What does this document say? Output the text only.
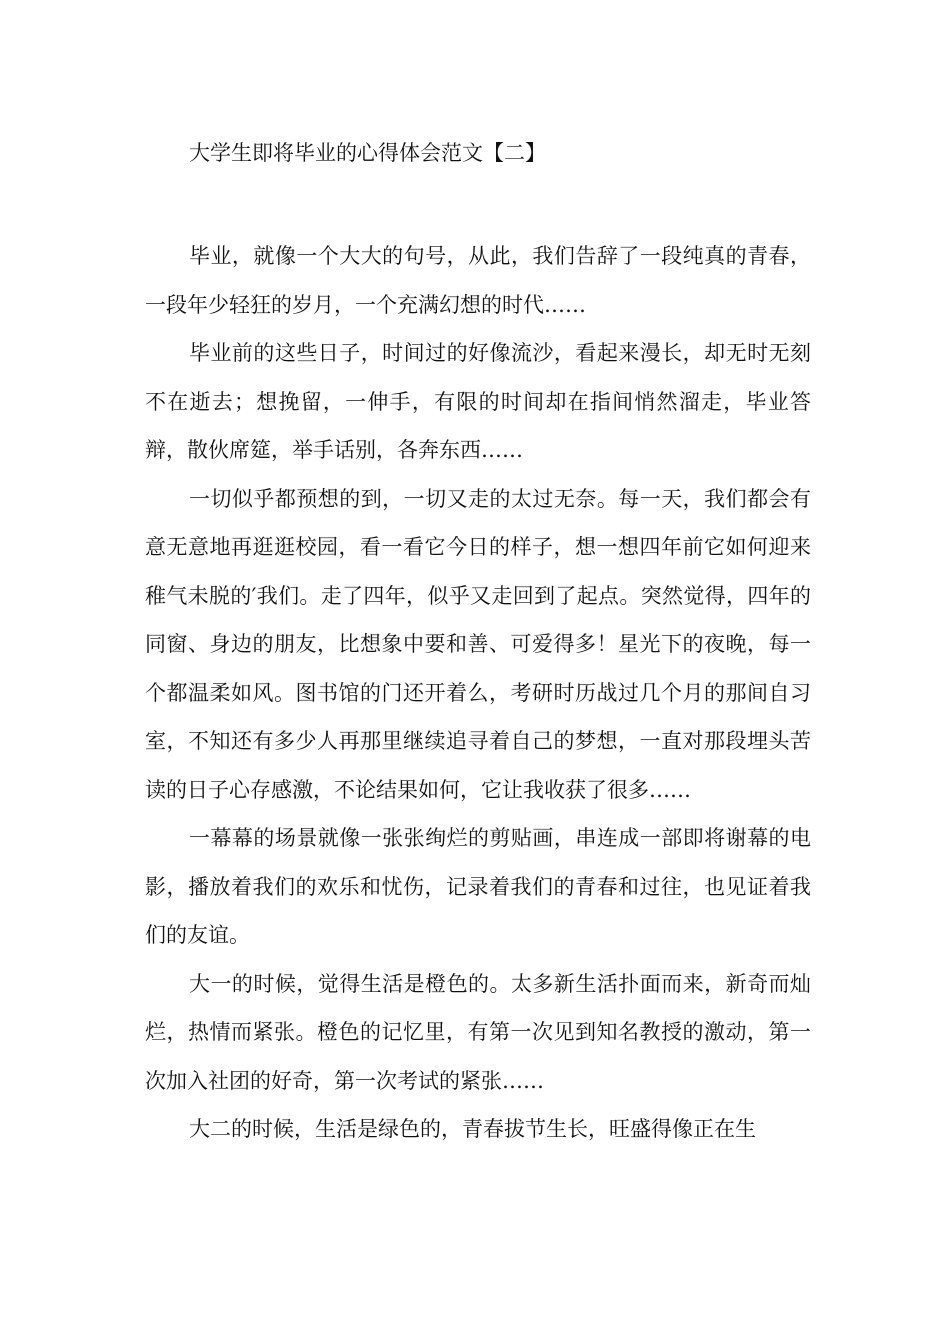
大学生即将毕业的心得体会范文【二】

毕业，就像一个大大的句号，从此，我们告辞了一段纯真的青春，一段年少轻狂的岁月，一个充满幻想的时代……

毕业前的这些日子，时间过的好像流沙，看起来漫长，却无时无刻不在逝去；想挽留，一伸手，有限的时间却在指间悄然溜走，毕业答辩，散伙席筵，举手话别，各奔东西……

一切似乎都预想的到，一切又走的太过无奈。每一天，我们都会有意无意地再逛逛校园，看一看它今日的样子，想一想四年前它如何迎来稚气未脱的′我们。走了四年，似乎又走回到了起点。突然觉得，四年的同窗、身边的朋友，比想象中要和善、可爱得多！星光下的夜晚，每一个都温柔如风。图书馆的门还开着么，考研时历战过几个月的那间自习室，不知还有多少人再那里继续追寻着自己的梦想，一直对那段埋头苦读的日子心存感激，不论结果如何，它让我收获了很多……

一幕幕的场景就像一张张绚烂的剪贴画，串连成一部即将谢幕的电影，播放着我们的欢乐和忧伤，记录着我们的青春和过往，也见证着我们的友谊。

大一的时候，觉得生活是橙色的。太多新生活扑面而来，新奇而灿烂，热情而紧张。橙色的记忆里，有第一次见到知名教授的激动，第一次加入社团的好奇，第一次考试的紧张……

大二的时候，生活是绿色的，青春拔节生长，旺盛得像正在生
